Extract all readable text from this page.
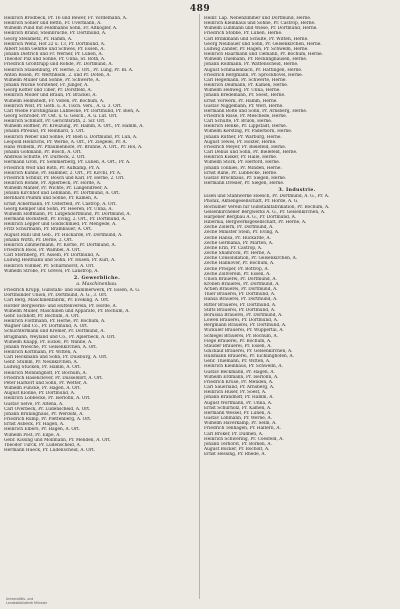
489
Heinrich Brodbeck, Pr. 16 und Bewer, Fr. Vordemann, A.
Heinrich Söhler und Bettn, Fr. Uvermann, A.
Wilhelm Pund mit Feldmanns Sohn, Fr. Altkögler, A.
Heinrich Brand, Steinbrüche, Pr. Dortmund, A.
Georg Steinmetz, Pr. Hamm, A.
Heinrich Wenz, Hof 22 u. 13, Pr. Dortmund, A.
Albert Sohn Gehrke und Schwes, Pr. Essen, A.
Johann Dietrich und Fr. Werner, Pr. Lünen, A.
Theodor Pilz und Söhne, Pr. Unna, St. Roth, A.
Friedrich Großtrupp und Rohde, Pr. Dortmund, A.
Heinrich Stauenburg, Pr. Herne, 2. Ort., Pr. Lüng, Pr. Bl. A.
Anton Rosen, Pr. Werthheim, 2. und Pr. Döten, A.
Wilhelm Müller und Söhne, Pr. Schwerte, A.
Johann Wilcke Vorsteher, Fr. Jünger, A.
Georg Kötter und Tiber, Pr. Dorstfeld, A.
Heinrich Möller und Braun, Pr. Brackel, A.
Wilhelm Helmstedt, Fr. Voßen, Pr. Bochum, A.
Heinrich Wolf, Pr. Geth. u. A. Tisch. Vers., A. u. 3. Ort.
Carl Wiebe Fürstinghaus Lübbecke, Pr. Dortmund, Pr. Bieh, A.
Georg Schröder, Pr. Ost. u. G. Gesch., A. u. Lüt. Ort.
Heinrich Schmidt, Pr. Gerichtsrath, 2. Sir. Ort.
Wilhelm Höffner, Pr. Kreuzung, Pr. Hamm, A. Ort., Pr. Hamm, A.
Johann Pfreund, Pr. Reinhard, 5. Ort.
Heinrich Weber und Söhne, Pr. Bieh u. Dortmund, Pr. Lün, A.
Leopold Heinrichs, Pr. Werne, A. Ort., Pr. Ziegelei, Pr. A.
Hans Wilhelm, Pr. Pflaumenhöfe, Pr. Brühne, A. Ort., Pr. Hol, A.
Johann Gohmann, Pr. Bosch, A. Ort.
Andreas Schütte, Pr. Dürbeck, 2. Ort.
Hermann Groß, Pr. Sommerberg, Pr. Lünen, A. Ort., Pr. A.
Friedrich Wolf und Roth, Pr. Aufkamp, Pr. A.
Heinrich Kühne, Pr. Hammer, 2. Ort., Pr. Kirchl, Pr. A.
Friedrich Schnur, Pr. Bosch und Karl, Pr. Herne, 2. Ort.
Heinrich Rohde, Pr. Aplerbeck, Pr. Hörde, A.
Wilhelm Mahler, Pr. Wichte, Pr. Langendreer, A.
Johann Kirchhof und Lehmann, Pr. Dortmund, A. Ort.
Bernhard Plumm und Söhne, Pr. Kamen, A.
Ernst Ackermann, Pr. Osterfeld, Pr. Castrop, A. Ort.
Georg Kemper und Sohn, Pr. Heeren, Pr. Unna, A.
Wilhelm Hoffmann, Pr. Lütgendortmund, Pr. Dortmund, A.
Hermann Bockstedt, Pr. Eving, 2. Ort., Pr. Dortmund, A.
Heinrich Lepper und Goldschmied, Pr. Mengede, A.
Fritz Schürmann, Pr. Brambauer, A. Ort.
August Rühl und Geb., Pr. Huckarde, Pr. Dortmund, A.
Johann Wirth, Pr. Derne, 2. Ort.
Heinrich Zimmermann, Pr. Körne, Pr. Dortmund, A.
Friedrich Boos, Pr. Wambel, A. Ort.
Carl Sternberg, Pr. Asseln, Pr. Dortmund, A.
Ludwig Heitmann und Sohn, Pr. Husen, Pr. Kurl, A.
Heinrich Vollmer, Pr. Scharnhorst, A. Ort.
Wilhelm Strobe, Pr. Grevel, Pr. Lanstrop, A.
2. Gewerbliche.
a. Maschinenbau.
Friedrich Krupp, Gußstahl- und Hammerwerk, Pr. Essen, A. G.
Dortmunder Union, Pr. Dortmund, A. G., 3. Ort.
Carl Berg, Maschinenfabrik, Pr. Eveking, A. Ort.
Hörder Bergwerks- und Hüttenverein, Pr. Hörde, A.
Wilhelm Müller, Maschinen und Apparate, Pr. Bochum, A.
Gebr. Eickhoff, Pr. Bochum, A. Ort.
Heinrich Flottmann, Pr. Herne, Pr. Bochum, A.
Wagner und Co., Pr. Dortmund, A. Ort.
Schüchtermann und Kremer, Pr. Dortmund, A.
Brügmann, Weyland und Co., Pr. Aplerbeck, A. Ort.
Wilhelm Knapp, Pr. Eickel, Pr. Wanne, A.
Johann Wiesche, Pr. Gelsenkirchen, A. Ort.
Heinrich Korfmann, Pr. Witten, A.
Carl Heckmann und Sohn, Pr. Duisburg, A. Ort.
Gebr. Stumm, Pr. Neunkirchen, A.
Ludwig Stucken, Pr. Hamm, A. Ort.
Heinrich Mönninghoff, Pr. Bochum, A.
Friedrich Hasenclever, Pr. Düsseldorf, A. Ort.
Peter Harkort und Sohn, Pr. Wetter, A.
Wilhelm Funcke, Pr. Hagen, A. Ort.
August Klönne, Pr. Dortmund, A.
Heinrich Löbbecke, Pr. Iserlohn, A. Ort.
Gustav Selve, Pr. Altena, A.
Carl Overbeck, Pr. Lüdenscheid, A. Ort.
Johann Brüninghaus, Pr. Werdohl, A.
Friedrich Rump, Pr. Plettenberg, A. Ort.
Ernst Asbeck, Pr. Hagen, A.
Heinrich Elbers, Pr. Hagen, A. Ort.
Wilhelm Post, Pr. Eilpe, A.
Gebr. Kissing und Möllmann, Pr. Menden, A. Ort.
Theodor Turck, Pr. Lüdenscheid, A.
Hermann Hueck, Pr. Lüdenscheid, A. Ort.
Heinr. Lap. Nebenzimmer und Dortmund, Herne.
Heinrich Kleinhaus und Söhne, Pr. Castrop, Herne.
Wilhelm Lühmann und Wiese, Pr. Dortmund, Herne.
Friedrich Stobbe, Pr. Lünen, Herne.
Carl Brinkmann und Schulte, Pr. Witten, Herne.
Georg Neubauer und Sohn, Pr. Gelsenkirchen, Herne.
Ludwig Zander, Pr. Hagen, Pr. Schwelm, Herne.
Heinrich Haarmann und Tiemann, Pr. Bochum, Herne.
Wilhelm Thiemann, Pr. Recklinghausen, Herne.
Johann Rollmann, Pr. Wattenscheid, Herne.
August Schmalenbach, Pr. Hattingen, Herne.
Friedrich Bergmann, Pr. Sprockhövel, Herne.
Carl Hegemann, Pr. Schwerte, Herne.
Heinrich Deilmann, Pr. Kamen, Herne.
Wilhelm Hellweg, Pr. Unna, Herne.
Johann Bredemann, Pr. Soest, Herne.
Ernst Vorwerk, Pr. Hamm, Herne.
Gustav Niggemann, Pr. Werl, Herne.
Hermann Bolte und Sohn, Pr. Arnsberg, Herne.
Friedrich Risse, Pr. Meschede, Herne.
Carl Schulte, Pr. Brilon, Herne.
Heinrich Henke, Pr. Lippstadt, Herne.
Wilhelm Kersting, Pr. Paderborn, Herne.
Johann Rüther, Pr. Warburg, Herne.
August Tewes, Pr. Höxter, Herne.
Friedrich Meyer, Pr. Bielefeld, Herne.
Carl Delius und Sohn, Pr. Bielefeld, Herne.
Heinrich Kisker, Pr. Halle, Herne.
Wilhelm Stork, Pr. Herford, Herne.
Johann Tönnies, Pr. Minden, Herne.
Ernst Rahe, Pr. Lübbecke, Herne.
Gustav Brockhaus, Pr. Siegen, Herne.
Hermann Dresler, Pr. Siegen, Herne.
3. Industrie.
Eisen und Stahlwerke Hoesch, Pr. Dortmund, A. G., Pr. A.
Phönix, Aktiengesellschaft, Pr. Hörde, A. G.
Bochumer Verein für Gußstahlfabrikation, Pr. Bochum, A.
Gelsenkirchener Bergwerks A. G., Pr. Gelsenkirchen, A.
Harpener Bergbau A. G., Pr. Dortmund, A.
Hibernia, Bergwerksgesellschaft, Pr. Herne, A.
Zeche Zollern, Pr. Dortmund, A.
Zeche Minister Stein, Pr. Eving, A.
Zeche Hansa, Pr. Huckarde, A.
Zeche Germania, Pr. Marten, A.
Zeche Erin, Pr. Castrop, A.
Zeche Shamrock, Pr. Herne, A.
Zeche Consolidation, Pr. Gelsenkirchen, A.
Zeche Hannover, Pr. Bochum, A.
Zeche Prosper, Pr. Bottrop, A.
Zeche Zollverein, Pr. Essen, A.
Union Brauerei, Pr. Dortmund, A.
Kronen Brauerei, Pr. Dortmund, A.
Actien Brauerei, Pr. Dortmund, A.
Thier Brauerei, Pr. Dortmund, A.
Hansa Brauerei, Pr. Dortmund, A.
Ritter Brauerei, Pr. Dortmund, A.
Stifts Brauerei, Pr. Dortmund, A.
Borussia Brauerei, Pr. Dortmund, A.
Löwen Brauerei, Pr. Dortmund, A.
Bergmann Brauerei, Pr. Dortmund, A.
Wicküler Brauerei, Pr. Wuppertal, A.
Schlegel Brauerei, Pr. Bochum, A.
Fiege Brauerei, Pr. Bochum, A.
Stauder Brauerei, Pr. Essen, A.
Glückauf Brauerei, Pr. Gelsenkirchen, A.
Hülsmann Brauerei, Pr. Eichlinghofen, A.
Gebr. Thiemann, Pr. Witten, A.
Heinrich Kleinhaus, Pr. Schwelm, A.
Gustav Beckmann, Pr. Hagen, A.
Wilhelm Erdmann, Pr. Iserlohn, A.
Friedrich Kruse, Pr. Menden, A.
Carl Sauerland, Pr. Arnsberg, A.
Heinrich Hüser, Pr. Soest, A.
Johann Brandhoff, Pr. Hamm, A.
August Wortmann, Pr. Unna, A.
Ernst Schürholz, Pr. Kamen, A.
Hermann Wessel, Pr. Lünen, A.
Gustav Lohmann, Pr. Werne, A.
Wilhelm Haverkamp, Pr. Selm, A.
Friedrich Tenhagen, Pr. Haltern, A.
Carl Bröker, Pr. Dülmen, A.
Heinrich Schwering, Pr. Coesfeld, A.
Johann Terhorst, Pr. Borken, A.
August Bücker, Pr. Bocholt, A.
Ernst Hessing, Pr. Rhede, A.
Universitäts- und
Landesbibliothek Münster
